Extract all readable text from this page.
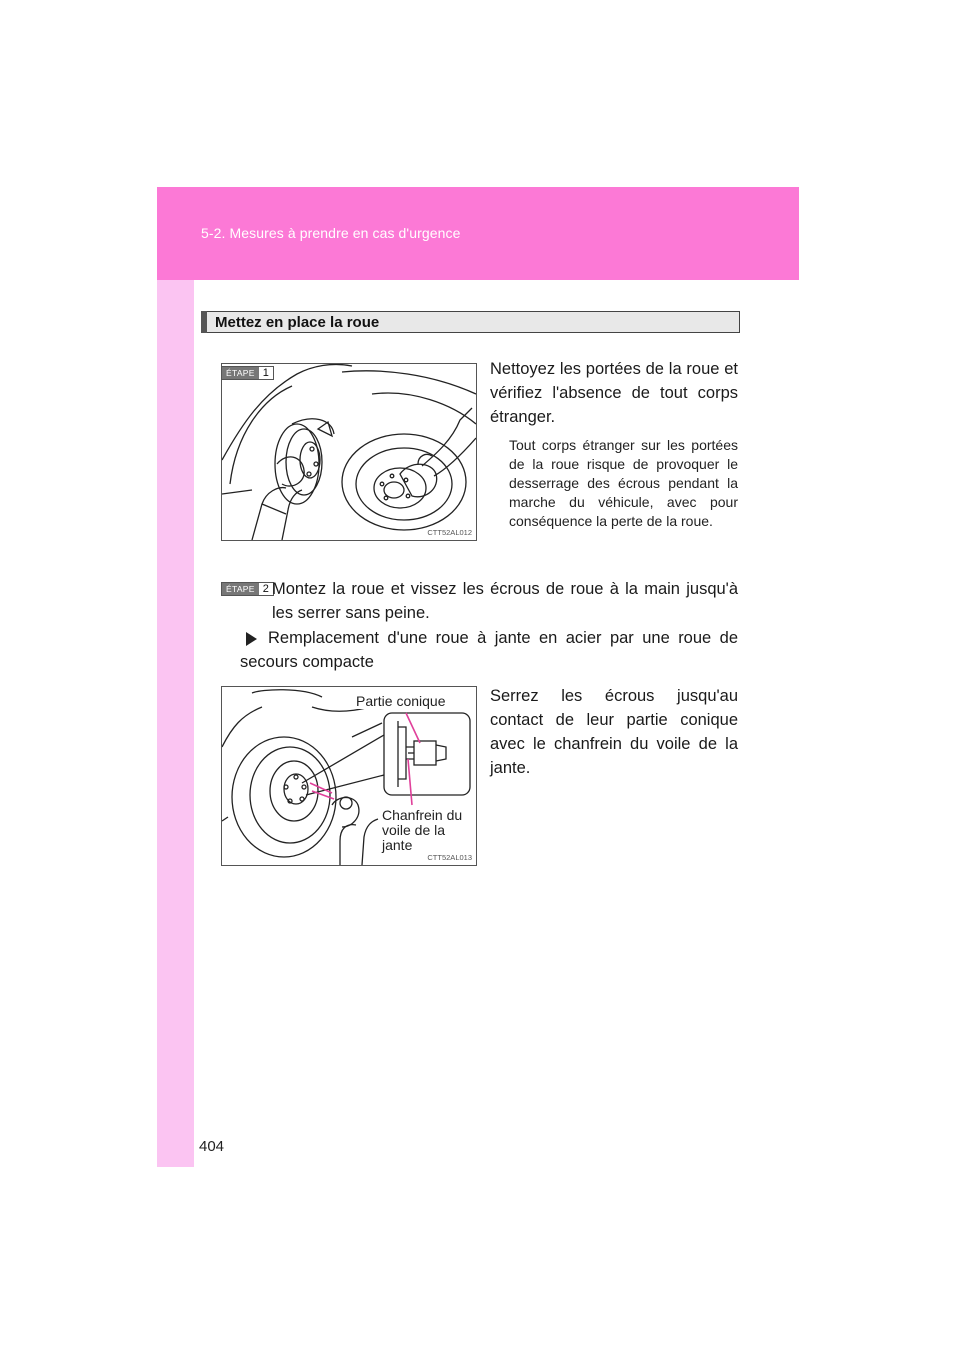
5-2. Mesures à prendre en cas d'urgence
Mettez en place la roue
CTT52AL012
ÉTAPE 1	Nettoyez les portées de la roue et vérifiez l'absence de tout corps étranger.
Tout corps étranger sur les portées de la roue risque de provoquer le desserrage des écrous pendant la marche du véhicule, avec pour conséquence la perte de la roue.
ÉTAPE 2 Montez la roue et vissez les écrous de roue à la main jusqu'à les serrer sans peine.
Remplacement d'une roue à jante en acier par une roue de secours compacte
Partie conique
Chanfrein du
voile de la
jante
CTT52AL013
Serrez les écrous jusqu'au contact de leur partie conique avec le chanfrein du voile de la jante.
404
